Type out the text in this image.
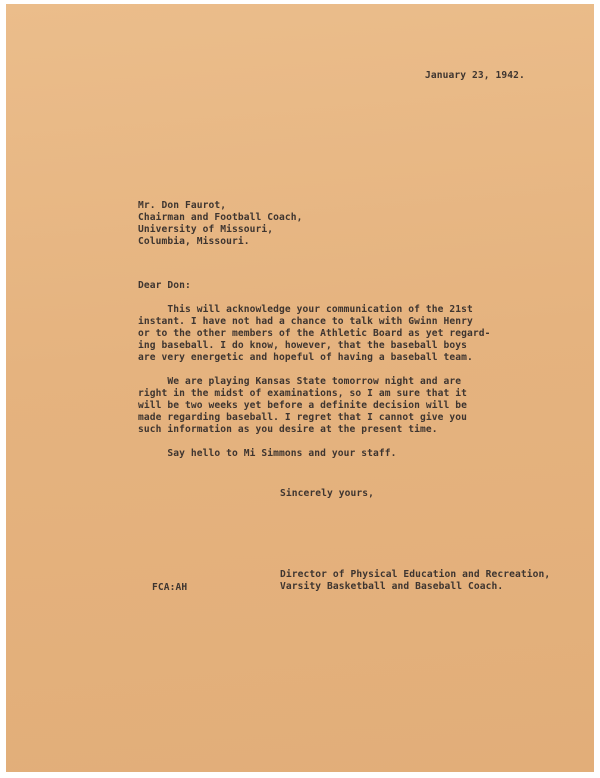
January 23, 1942.
Mr. Don Faurot,
Chairman and Football Coach,
University of Missouri,
Columbia, Missouri.
Dear Don:
This will acknowledge your communication of the 21st
instant. I have not had a chance to talk with Gwinn Henry
or to the other members of the Athletic Board as yet regard-
ing baseball. I do know, however, that the baseball boys
are very energetic and hopeful of having a baseball team.
We are playing Kansas State tomorrow night and are
right in the midst of examinations, so I am sure that it
will be two weeks yet before a definite decision will be
made regarding baseball. I regret that I cannot give you
such information as you desire at the present time.
Say hello to Mi Simmons and your staff.
Sincerely yours,
Director of Physical Education and Recreation,
Varsity Basketball and Baseball Coach.
FCA:AH
